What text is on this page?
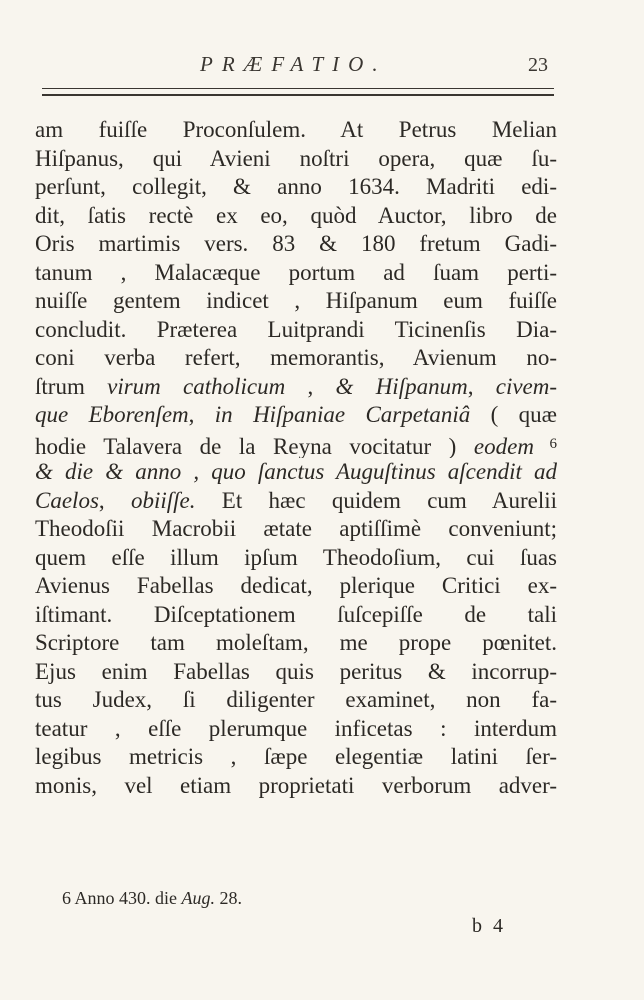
PRÆFATIO.	23
am fuiſſe Proconſulem. At Petrus Melian
Hiſpanus, qui Avieni noſtri opera, quæ ſu-
perſunt, collegit, & anno 1634. Madriti edi-
dit, ſatis rectè ex eo, quòd Auctor, libro de
Oris martimis vers. 83 & 180 fretum Gadi-
tanum , Malacæque portum ad ſuam perti-
nuiſſe gentem indicet , Hiſpanum eum fuiſſe
concludit. Præterea Luitprandi Ticinenſis Dia-
coni verba refert, memorantis, Avienum no-
ſtrum virum catholicum , & Hiſpanum, civem-
que Eborenſem, in Hiſpaniae Carpetaniâ ( quæ
hodie Talavera de la Reyna vocitatur ) eodem $^6$
& die & anno , quo ſanctus Auguſtinus aſcendit ad
Caelos, obiiſſe. Et hæc quidem cum Aurelii
Theodoſii Macrobii ætate aptiſſimè conveniunt;
quem eſſe illum ipſum Theodoſium, cui ſuas
Avienus Fabellas dedicat, plerique Critici ex-
iſtimant. Diſceptationem ſuſcepiſſe de tali
Scriptore tam moleſtam, me prope pœnitet.
Ejus enim Fabellas quis peritus & incorrup-
tus Judex, ſi diligenter examinet, non fa-
teatur , eſſe plerumque inficetas : interdum
legibus metricis , ſæpe elegentiæ latini ſer-
monis, vel etiam proprietati verborum adver-
6 Anno 430. die Aug. 28.
b 4
